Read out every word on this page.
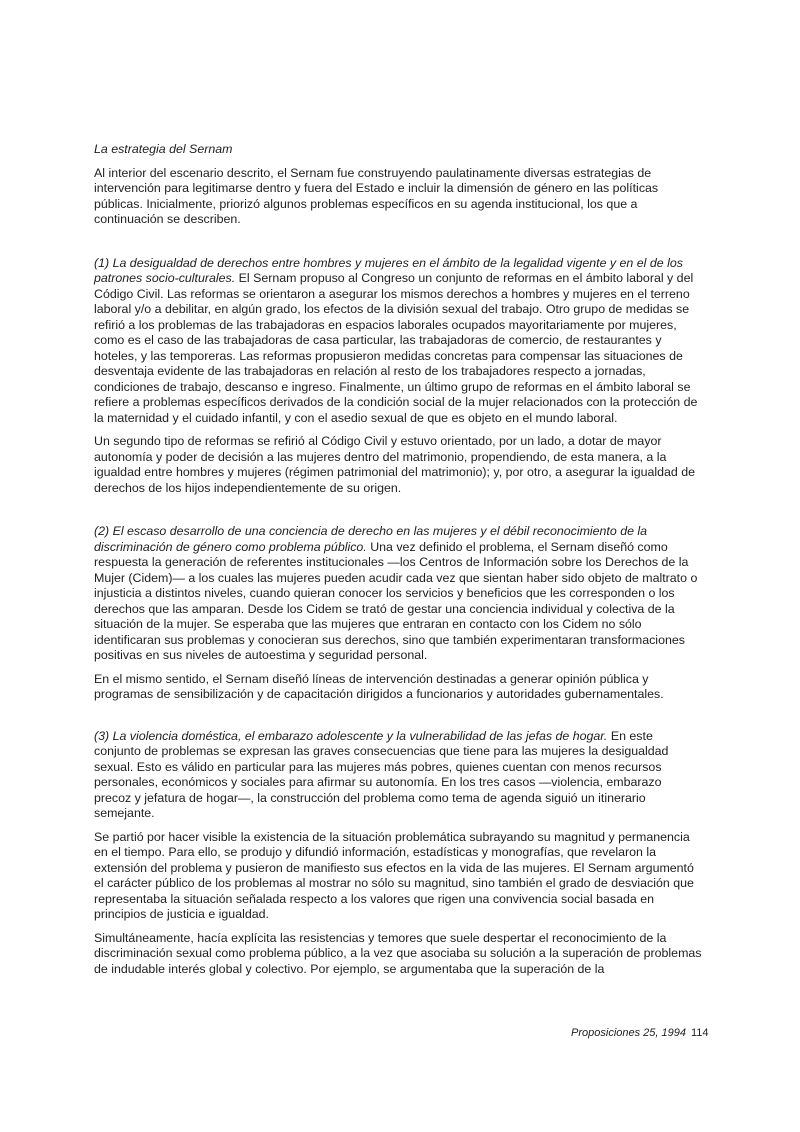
La estrategia del Sernam

Al interior del escenario descrito, el Sernam fue construyendo paulatinamente diversas estrategias de intervención para legitimarse dentro y fuera del Estado e incluir la dimensión de género en las políticas públicas. Inicialmente, priorizó algunos problemas específicos en su agenda institucional, los que a continuación se describen.

(1) La desigualdad de derechos entre hombres y mujeres en el ámbito de la legalidad vigente y en el de los patrones socio-culturales. El Sernam propuso al Congreso un conjunto de reformas en el ámbito laboral y del Código Civil. Las reformas se orientaron a asegurar los mismos derechos a hombres y mujeres en el terreno laboral y/o a debilitar, en algún grado, los efectos de la división sexual del trabajo. Otro grupo de medidas se refirió a los problemas de las trabajadoras en espacios laborales ocupados mayoritariamente por mujeres, como es el caso de las trabajadoras de casa particular, las trabajadoras de comercio, de restaurantes y hoteles, y las temporeras. Las reformas propusieron medidas concretas para compensar las situaciones de desventaja evidente de las trabajadoras en relación al resto de los trabajadores respecto a jornadas, condiciones de trabajo, descanso e ingreso. Finalmente, un último grupo de reformas en el ámbito laboral se refiere a problemas específicos derivados de la condición social de la mujer relacionados con la protección de la maternidad y el cuidado infantil, y con el asedio sexual de que es objeto en el mundo laboral.

Un segundo tipo de reformas se refirió al Código Civil y estuvo orientado, por un lado, a dotar de mayor autonomía y poder de decisión a las mujeres dentro del matrimonio, propendiendo, de esta manera, a la igualdad entre hombres y mujeres (régimen patrimonial del matrimonio); y, por otro, a asegurar la igualdad de derechos de los hijos independientemente de su origen.

(2) El escaso desarrollo de una conciencia de derecho en las mujeres y el débil reconocimiento de la discriminación de género como problema público. Una vez definido el problema, el Sernam diseñó como respuesta la generación de referentes institucionales —los Centros de Información sobre los Derechos de la Mujer (Cidem)— a los cuales las mujeres pueden acudir cada vez que sientan haber sido objeto de maltrato o injusticia a distintos niveles, cuando quieran conocer los servicios y beneficios que les corresponden o los derechos que las amparan. Desde los Cidem se trató de gestar una conciencia individual y colectiva de la situación de la mujer. Se esperaba que las mujeres que entraran en contacto con los Cidem no sólo identificaran sus problemas y conocieran sus derechos, sino que también experimentaran transformaciones positivas en sus niveles de autoestima y seguridad personal.

En el mismo sentido, el Sernam diseñó líneas de intervención destinadas a generar opinión pública y programas de sensibilización y de capacitación dirigidos a funcionarios y autoridades gubernamentales.

(3) La violencia doméstica, el embarazo adolescente y la vulnerabilidad de las jefas de hogar. En este conjunto de problemas se expresan las graves consecuencias que tiene para las mujeres la desigualdad sexual. Esto es válido en particular para las mujeres más pobres, quienes cuentan con menos recursos personales, económicos y sociales para afirmar su autonomía. En los tres casos —violencia, embarazo precoz y jefatura de hogar—, la construcción del problema como tema de agenda siguió un itinerario semejante.

Se partió por hacer visible la existencia de la situación problemática subrayando su magnitud y permanencia en el tiempo. Para ello, se produjo y difundió información, estadísticas y monografías, que revelaron la extensión del problema y pusieron de manifiesto sus efectos en la vida de las mujeres. El Sernam argumentó el carácter público de los problemas al mostrar no sólo su magnitud, sino también el grado de desviación que representaba la situación señalada respecto a los valores que rigen una convivencia social basada en principios de justicia e igualdad.

Simultáneamente, hacía explícita las resistencias y temores que suele despertar el reconocimiento de la discriminación sexual como problema público, a la vez que asociaba su solución a la superación de problemas de indudable interés global y colectivo. Por ejemplo, se argumentaba que la superación de la

Proposiciones 25, 1994 114
